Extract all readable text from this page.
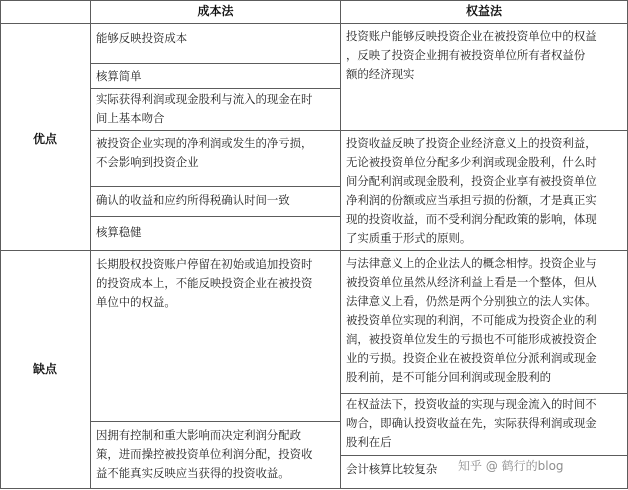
成本法	权益法
优点
缺点
能够反映投资成本
核算简单
实际获得利润或现金股利与流入的现金在时
间上基本吻合
被投资企业实现的净利润或发生的净亏损，
不会影响到投资企业
确认的收益和应约所得税确认时间一致
核算稳健
投资账户能够反映投资企业在被投资单位中的权益
，反映了投资企业拥有被投资单位所有者权益份
额的经济现实
投资收益反映了投资企业经济意义上的投资利益，
无论被投资单位分配多少利润或现金股利，什么时
间分配利润或现金股利，投资企业享有被投资单位
净利润的份额或应当承担亏损的份额，才是真正实
现的投资收益，而不受利润分配政策的影响，体现
了实质重于形式的原则。
长期股权投资账户停留在初始或追加投资时
的投资成本上，不能反映投资企业在被投资
单位中的权益。
因拥有控制和重大影响而决定利润分配政
策，进而操控被投资单位利润分配，投资收
益不能真实反映应当获得的投资收益。
与法律意义上的企业法人的概念相悖。投资企业与
被投资单位虽然从经济利益上看是一个整体，但从
法律意义上看，仍然是两个分别独立的法人实体。
被投资单位实现的利润，不可能成为投资企业的利
润，被投资单位发生的亏损也不可能形成被投资企
业的亏损。投资企业在被投资单位分派利润或现金
股利前，是不可能分回利润或现金股利的
在权益法下，投资收益的实现与现金流入的时间不
吻合，即确认投资收益在先，实际获得利润或现金
股利在后
会计核算比较复杂 知乎 @ 鹤行的blog
